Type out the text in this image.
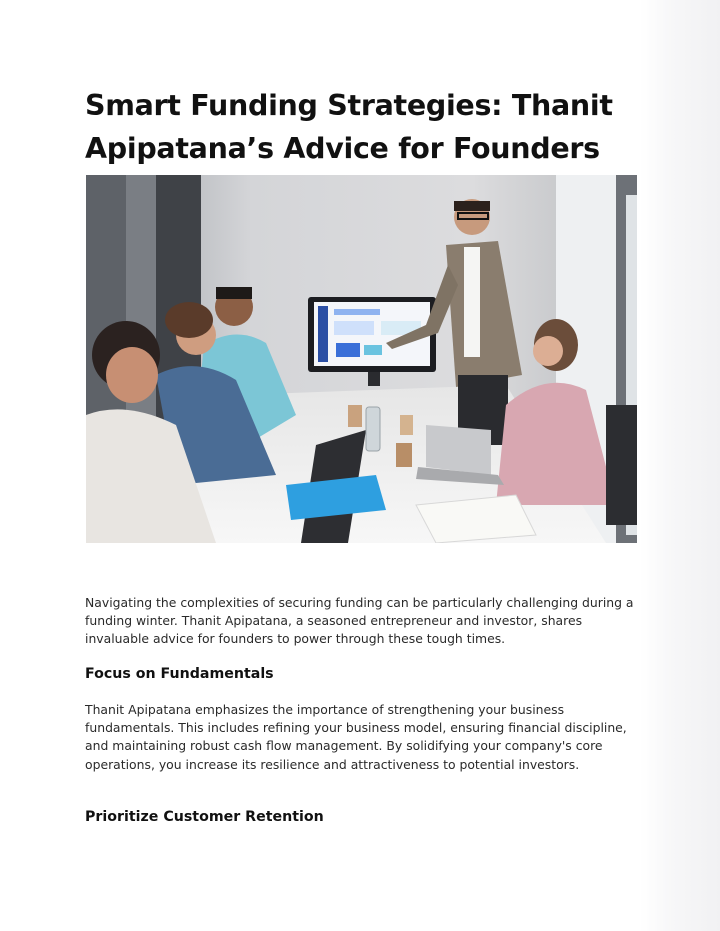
Smart Funding Strategies: Thanit Apipatana’s Advice for Founders

Navigating the complexities of securing funding can be particularly challenging during a funding winter. Thanit Apipatana, a seasoned entrepreneur and investor, shares invaluable advice for founders to power through these tough times.

Focus on Fundamentals

Thanit Apipatana emphasizes the importance of strengthening your business fundamentals. This includes refining your business model, ensuring financial discipline, and maintaining robust cash flow management. By solidifying your company's core operations, you increase its resilience and attractiveness to potential investors.

Prioritize Customer Retention
